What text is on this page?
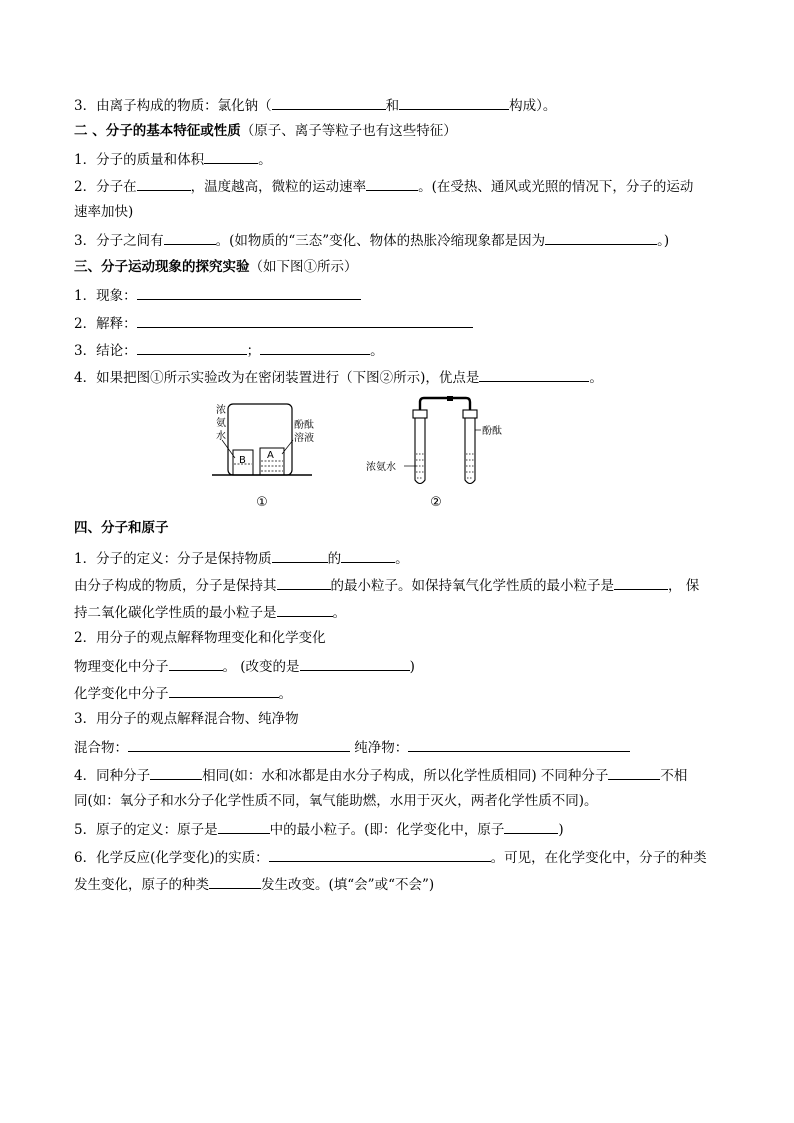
3．由离子构成的物质：氯化钠（	和	构成）。
二 、分子的基本特征或性质（原子、离子等粒子也有这些特征）
1．分子的质量和体积	。
2．分子在	，温度越高，微粒的运动速率	。(在受热、通风或光照的情况下，分子的运动
速率加快)
3．分子之间有	。(如物质的“三态”变化、物体的热胀冷缩现象都是因为	。)
三、分子运动现象的探究实验（如下图①所示）
1．现象：
2．解释：
3．结论：	；	。
4．如果把图①所示实验改为在密闭装置进行（下图②所示)，优点是	。
浓
氨
水
B A
酚酞
溶液
①
酚酞
浓氨水
②
四、分子和原子
1．分子的定义：分子是保持物质	的	。
由分子构成的物质，分子是保持其	的最小粒子。如保持氧气化学性质的最小粒子是	， 保
持二氧化碳化学性质的最小粒子是	。
2．用分子的观点解释物理变化和化学变化
物理变化中分子	。 (改变的是	)
化学变化中分子	。
3．用分子的观点解释混合物、纯净物
混合物：	纯净物：
4．同种分子	相同(如：水和冰都是由水分子构成，所以化学性质相同) 不同种分子	不相
同(如：氧分子和水分子化学性质不同，氧气能助燃，水用于灭火，两者化学性质不同)。
5．原子的定义：原子是	中的最小粒子。(即：化学变化中，原子	)
6．化学反应(化学变化)的实质：	。可见，在化学变化中，分子的种类
发生变化，原子的种类	发生改变。(填“会”或“不会”)
